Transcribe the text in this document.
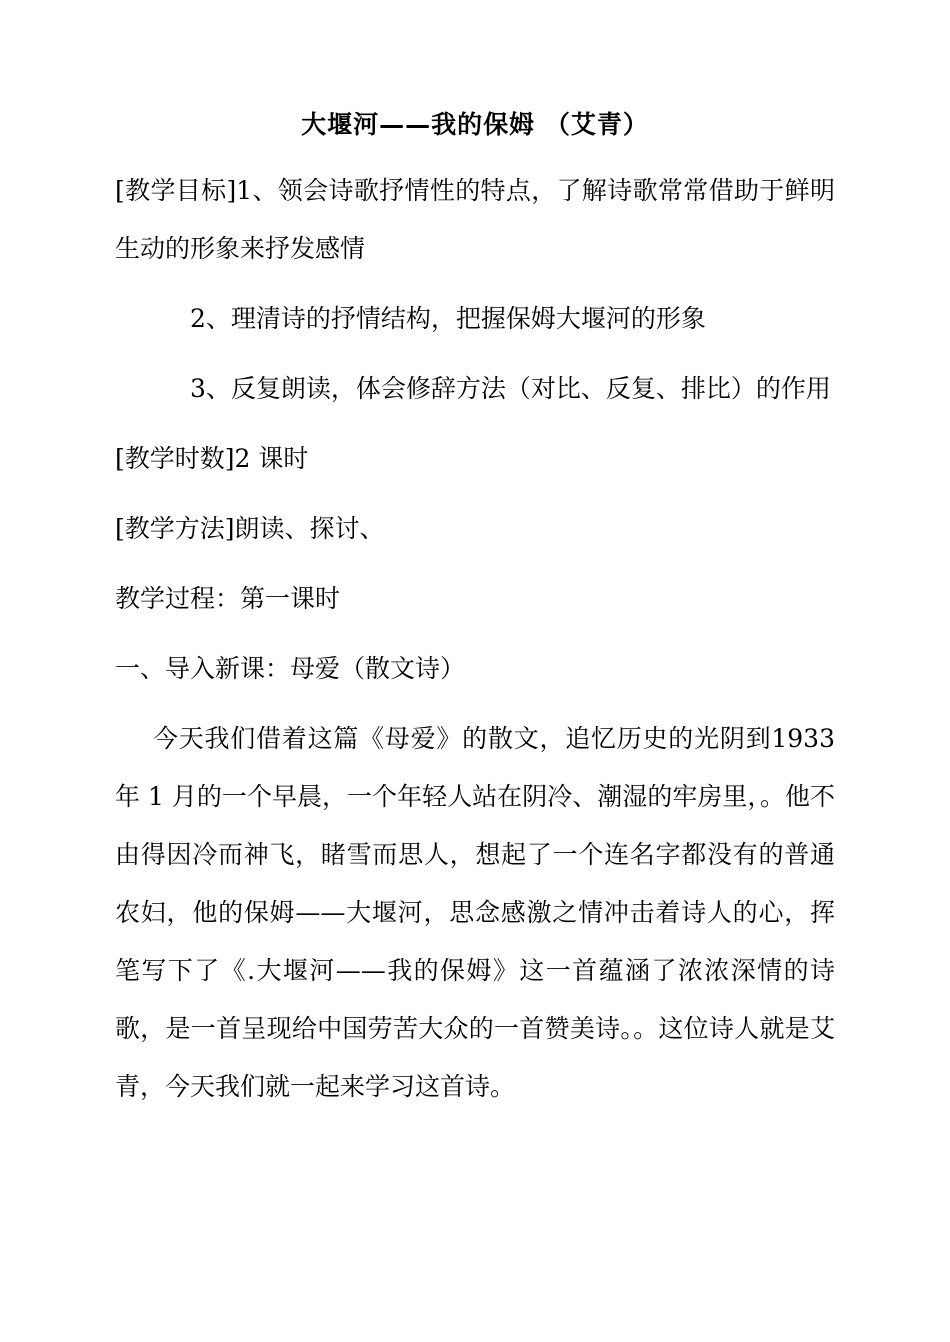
大堰河——我的保姆 （艾青）

[教学目标]1、领会诗歌抒情性的特点，了解诗歌常常借助于鲜明生动的形象来抒发感情

2、理清诗的抒情结构，把握保姆大堰河的形象

3、反复朗读，体会修辞方法（对比、反复、排比）的作用

[教学时数]2 课时

[教学方法]朗读、探讨、

教学过程：第一课时

一、导入新课：母爱（散文诗）

今天我们借着这篇《母爱》的散文，追忆历史的光阴到1933 年 1 月的一个早晨，一个年轻人站在阴冷、潮湿的牢房里，。他不由得因冷而神飞，睹雪而思人，想起了一个连名字都没有的普通农妇，他的保姆——大堰河，思念感激之情冲击着诗人的心，挥笔写下了《.大堰河——我的保姆》这一首蕴涵了浓浓深情的诗歌，是一首呈现给中国劳苦大众的一首赞美诗。。这位诗人就是艾青，今天我们就一起来学习这首诗。
